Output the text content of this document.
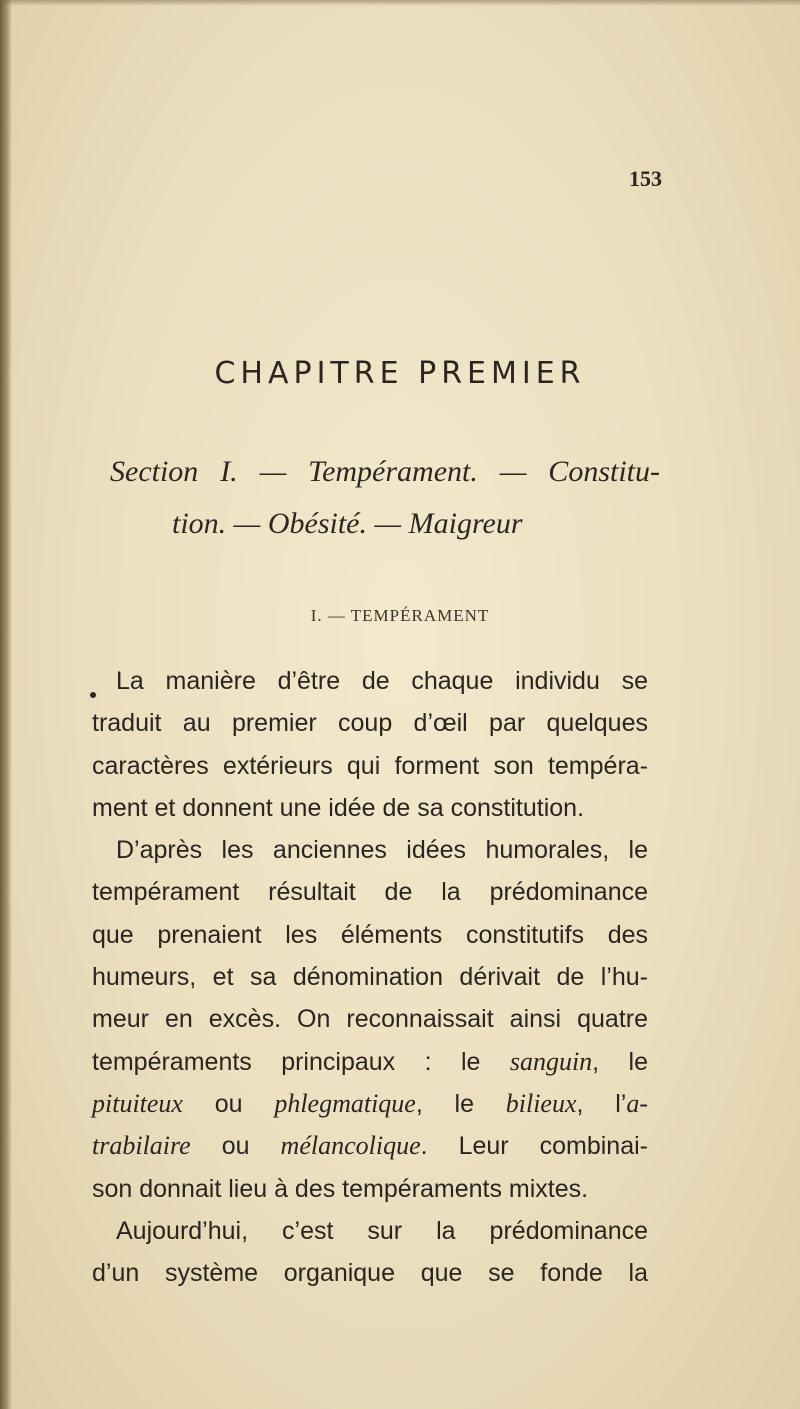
153
CHAPITRE PREMIER
Section I. — Tempérament. — Constitu-
tion. — Obésité. — Maigreur
I. — TEMPÉRAMENT
La manière d’être de chaque individu se
traduit au premier coup d’œil par quelques
caractères extérieurs qui forment son tempéra-
ment et donnent une idée de sa constitution.
D’après les anciennes idées humorales, le
tempérament résultait de la prédominance
que prenaient les éléments constitutifs des
humeurs, et sa dénomination dérivait de l’hu-
meur en excès. On reconnaissait ainsi quatre
tempéraments principaux : le sanguin, le
pituiteux ou phlegmatique, le bilieux, l’a-
trabilaire ou mélancolique. Leur combinai-
son donnait lieu à des tempéraments mixtes.
Aujourd’hui, c’est sur la prédominance
d’un système organique que se fonde la
